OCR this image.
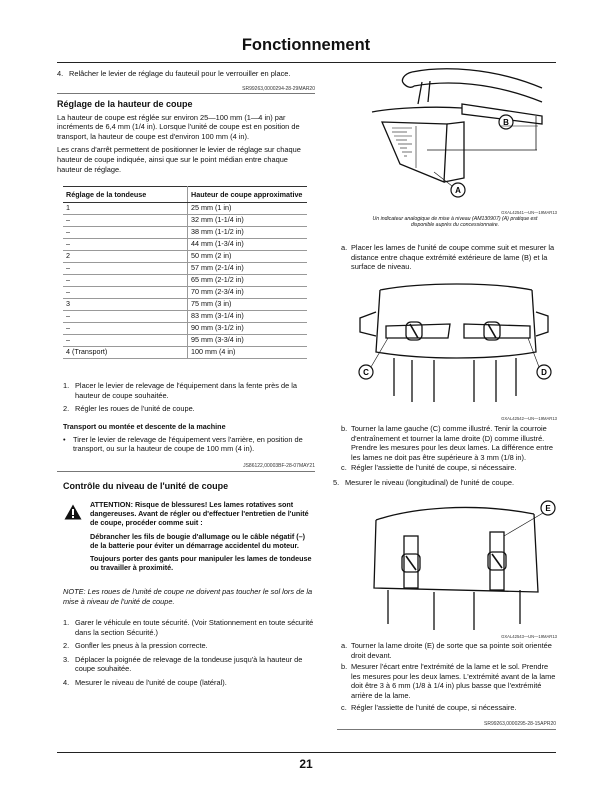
Fonctionnement
4. Relâcher le levier de réglage du fauteuil pour le verrouiller en place.
SR99263,0000294-28-29MAR20
Réglage de la hauteur de coupe

La hauteur de coupe est réglée sur environ 25—100 mm (1—4 in) par incréments de 6,4 mm (1/4 in). Lorsque l'unité de coupe est en position de transport, la hauteur de coupe est d'environ 100 mm (4 in).

Les crans d'arrêt permettent de positionner le levier de réglage sur chaque hauteur de coupe indiquée, ainsi que sur le point médian entre chaque hauteur de réglage.

Réglage de la tondeuse	Hauteur de coupe approximative
1	25 mm (1 in)
–	32 mm (1-1/4 in)
–	38 mm (1-1/2 in)
–	44 mm (1-3/4 in)
2	50 mm (2 in)
–	57 mm (2-1/4 in)
–	65 mm (2-1/2 in)
–	70 mm (2-3/4 in)
3	75 mm (3 in)
–	83 mm (3-1/4 in)
–	90 mm (3-1/2 in)
–	95 mm (3-3/4 in)
4 (Transport)	100 mm (4 in)
1. Placer le levier de relevage de l'équipement dans la fente près de la hauteur de coupe souhaitée.
2. Régler les roues de l'unité de coupe.
Transport ou montée et descente de la machine
• Tirer le levier de relevage de l'équipement vers l'arrière, en position de transport, ou sur la hauteur de coupe de 100 mm (4 in).
JS86122,00003BF-28-07MAY21
Contrôle du niveau de l'unité de coupe

ATTENTION: Risque de blessures! Les lames rotatives sont dangereuses. Avant de régler ou d'effectuer l'entretien de l'unité de coupe, procéder comme suit :

Débrancher les fils de bougie d'allumage ou le câble négatif (–) de la batterie pour éviter un démarrage accidentel du moteur.

Toujours porter des gants pour manipuler les lames de tondeuse ou travailler à proximité.

NOTE: Les roues de l'unité de coupe ne doivent pas toucher le sol lors de la mise à niveau de l'unité de coupe.
1. Garer le véhicule en toute sécurité. (Voir Stationnement en toute sécurité dans la section Sécurité.)
2. Gonfler les pneus à la pression correcte.
3. Déplacer la poignée de relevage de la tondeuse jusqu'à la hauteur de coupe souhaitée.
4. Mesurer le niveau de l'unité de coupe (latéral).
B
A
GXAL42541—UN—19MAR13
Un indicateur analogique de mise à niveau (AM130907) (A) pratique est disponible auprès du concessionnaire.
a. Placer les lames de l'unité de coupe comme suit et mesurer la distance entre chaque extrémité extérieure de lame (B) et la surface de niveau.
C	D
GXAL42542—UN—19MAR13
b. Tourner la lame gauche (C) comme illustré. Tenir la courroie d'entraînement et tourner la lame droite (D) comme illustré. Prendre les mesures pour les deux lames. La différence entre les lames ne doit pas être supérieure à 3 mm (1/8 in).
c. Régler l'assiette de l'unité de coupe, si nécessaire.
5. Mesurer le niveau (longitudinal) de l'unité de coupe.
E
GXAL42543—UN—19MAR13
a. Tourner la lame droite (E) de sorte que sa pointe soit orientée droit devant.
b. Mesurer l'écart entre l'extrémité de la lame et le sol. Prendre les mesures pour les deux lames. L'extrémité avant de la lame doit être 3 à 6 mm (1/8 à 1/4 in) plus basse que l'extrémité arrière de la lame.
c. Régler l'assiette de l'unité de coupe, si nécessaire.
SR99263,0000295-28-15APR20
21
